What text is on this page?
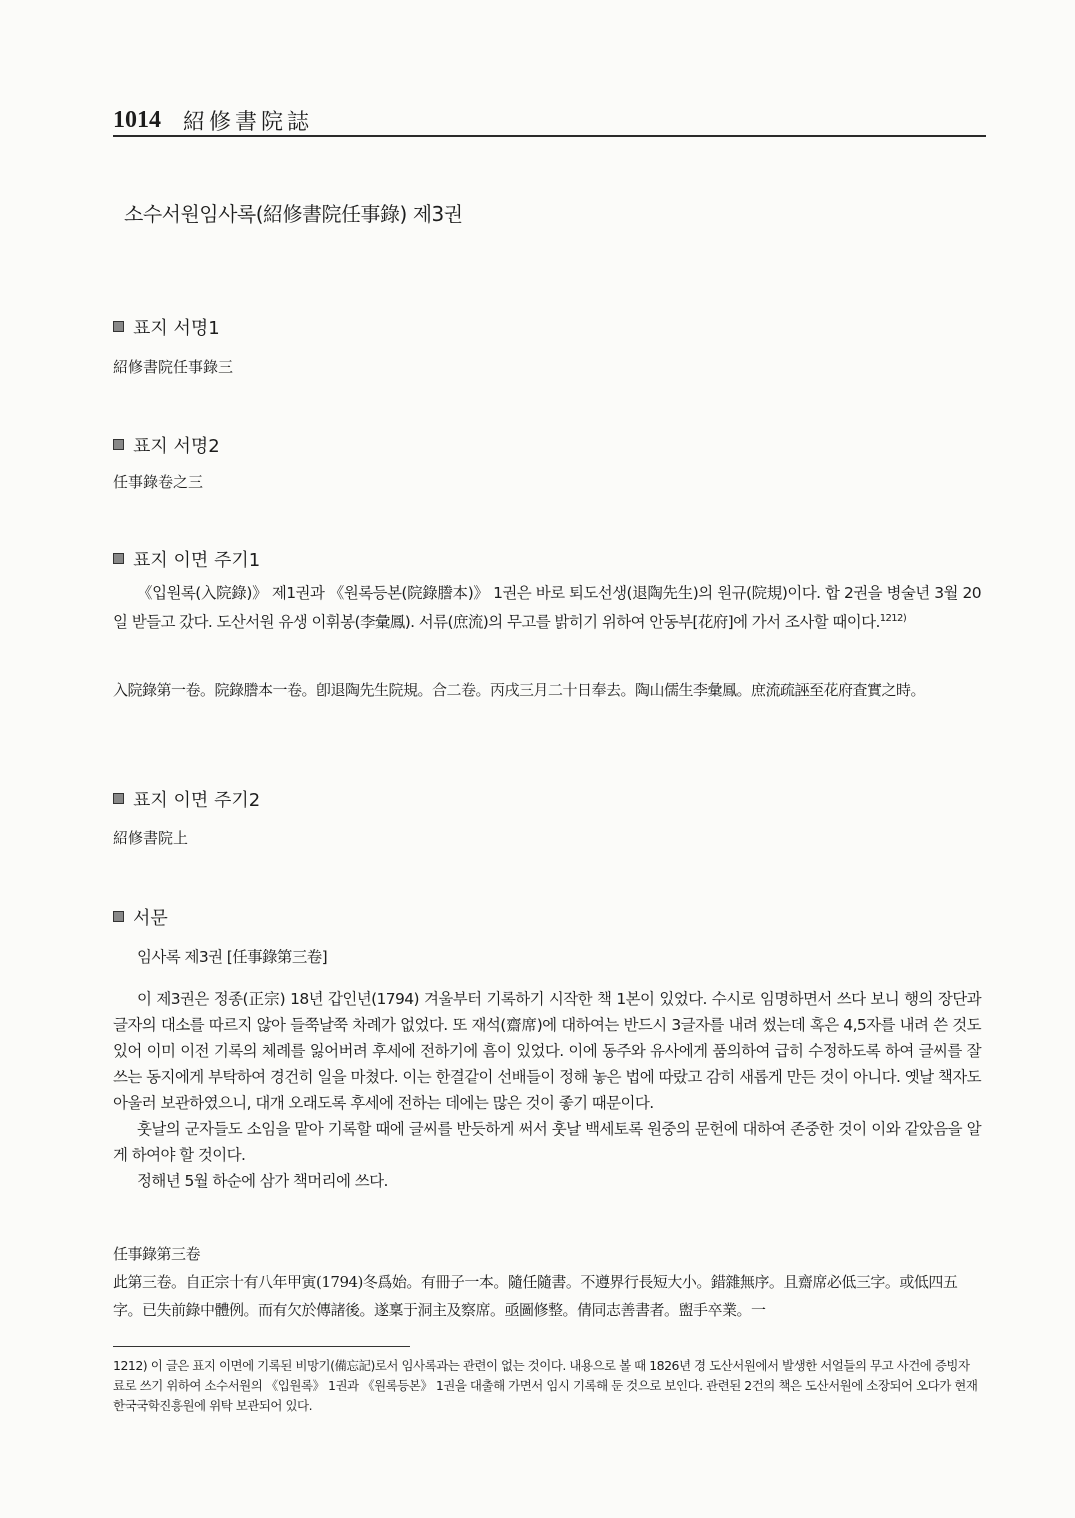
1014 紹修書院誌
소수서원임사록(紹修書院任事錄) 제3권
표지 서명1
紹修書院任事錄三
표지 서명2
任事錄卷之三
표지 이면 주기1
《입원록(入院錄)》 제1권과 《원록등본(院錄謄本)》 1권은 바로 퇴도선생(退陶先生)의 원규(院規)이다. 합 2권을 병술년 3월 20일 받들고 갔다. 도산서원 유생 이휘봉(李彙鳳). 서류(庶流)의 무고를 밝히기 위하여 안동부[花府]에 가서 조사할 때이다.$^{1212)}$
入院錄第一卷。院錄謄本一卷。卽退陶先生院規。合二卷。丙戌三月二十日奉去。陶山儒生李彙鳳。庶流疏誣至花府査實之時。
표지 이면 주기2
紹修書院上
서문
임사록 제3권 [任事錄第三卷]
이 제3권은 정종(正宗) 18년 갑인년(1794) 겨울부터 기록하기 시작한 책 1본이 있었다. 수시로 임명하면서 쓰다 보니 행의 장단과 글자의 대소를 따르지 않아 들쭉날쭉 차례가 없었다. 또 재석(齋席)에 대하여는 반드시 3글자를 내려 썼는데 혹은 4,5자를 내려 쓴 것도 있어 이미 이전 기록의 체례를 잃어버려 후세에 전하기에 흠이 있었다. 이에 동주와 유사에게 품의하여 급히 수정하도록 하여 글씨를 잘 쓰는 동지에게 부탁하여 경건히 일을 마쳤다. 이는 한결같이 선배들이 정해 놓은 법에 따랐고 감히 새롭게 만든 것이 아니다. 옛날 책자도 아울러 보관하였으니, 대개 오래도록 후세에 전하는 데에는 많은 것이 좋기 때문이다.
훗날의 군자들도 소임을 맡아 기록할 때에 글씨를 반듯하게 써서 훗날 백세토록 원중의 문헌에 대하여 존중한 것이 이와 같았음을 알게 하여야 할 것이다.
정해년 5월 하순에 삼가 책머리에 쓰다.
任事錄第三卷
此第三卷。自正宗十有八年甲寅(1794)冬爲始。有冊子一本。隨任隨書。不遵界行長短大小。錯雜無序。且齋席必低三字。或低四五字。已失前錄中體例。而有欠於傳諸後。遂稟于洞主及察席。亟圖修整。倩同志善書者。盥手卒業。一
1212) 이 글은 표지 이면에 기록된 비망기(備忘記)로서 임사록과는 관련이 없는 것이다. 내용으로 볼 때 1826년 경 도산서원에서 발생한 서얼들의 무고 사건에 증빙자료로 쓰기 위하여 소수서원의 《입원록》 1권과 《원록등본》 1권을 대출해 가면서 임시 기록해 둔 것으로 보인다. 관련된 2건의 책은 도산서원에 소장되어 오다가 현재 한국국학진흥원에 위탁 보관되어 있다.
